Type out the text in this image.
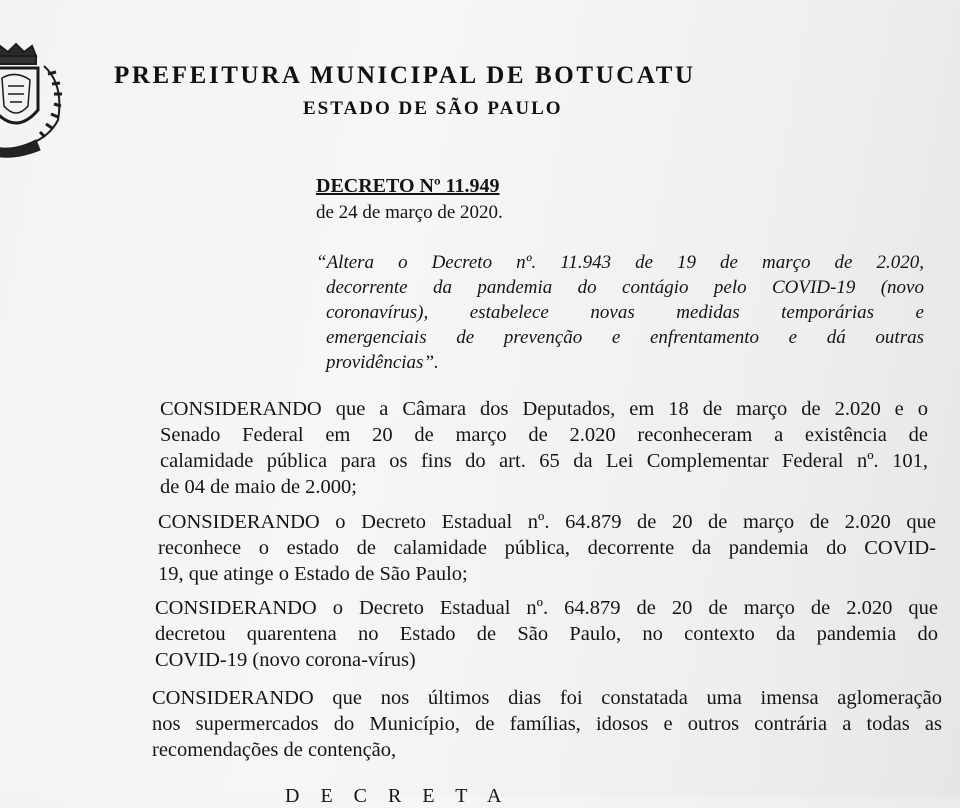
PREFEITURA MUNICIPAL DE BOTUCATU
ESTADO DE SÃO PAULO
DECRETO Nº 11.949
de 24 de março de 2020.
“Altera o Decreto nº. 11.943 de 19 de março de 2.020,
decorrente da pandemia do contágio pelo COVID-19 (novo
coronavírus), estabelece novas medidas temporárias e
emergenciais de prevenção e enfrentamento e dá outras
providências”.
CONSIDERANDO que a Câmara dos Deputados, em 18 de março de 2.020 e o
Senado Federal em 20 de março de 2.020 reconheceram a existência de
calamidade pública para os fins do art. 65 da Lei Complementar Federal nº. 101,
de 04 de maio de 2.000;
CONSIDERANDO o Decreto Estadual nº. 64.879 de 20 de março de 2.020 que
reconhece o estado de calamidade pública, decorrente da pandemia do COVID-
19, que atinge o Estado de São Paulo;
CONSIDERANDO o Decreto Estadual nº. 64.879 de 20 de março de 2.020 que
decretou quarentena no Estado de São Paulo, no contexto da pandemia do
COVID-19 (novo corona-vírus)
CONSIDERANDO que nos últimos dias foi constatada uma imensa aglomeração
nos supermercados do Município, de famílias, idosos e outros contrária a todas as
recomendações de contenção,
D E C R E T A
